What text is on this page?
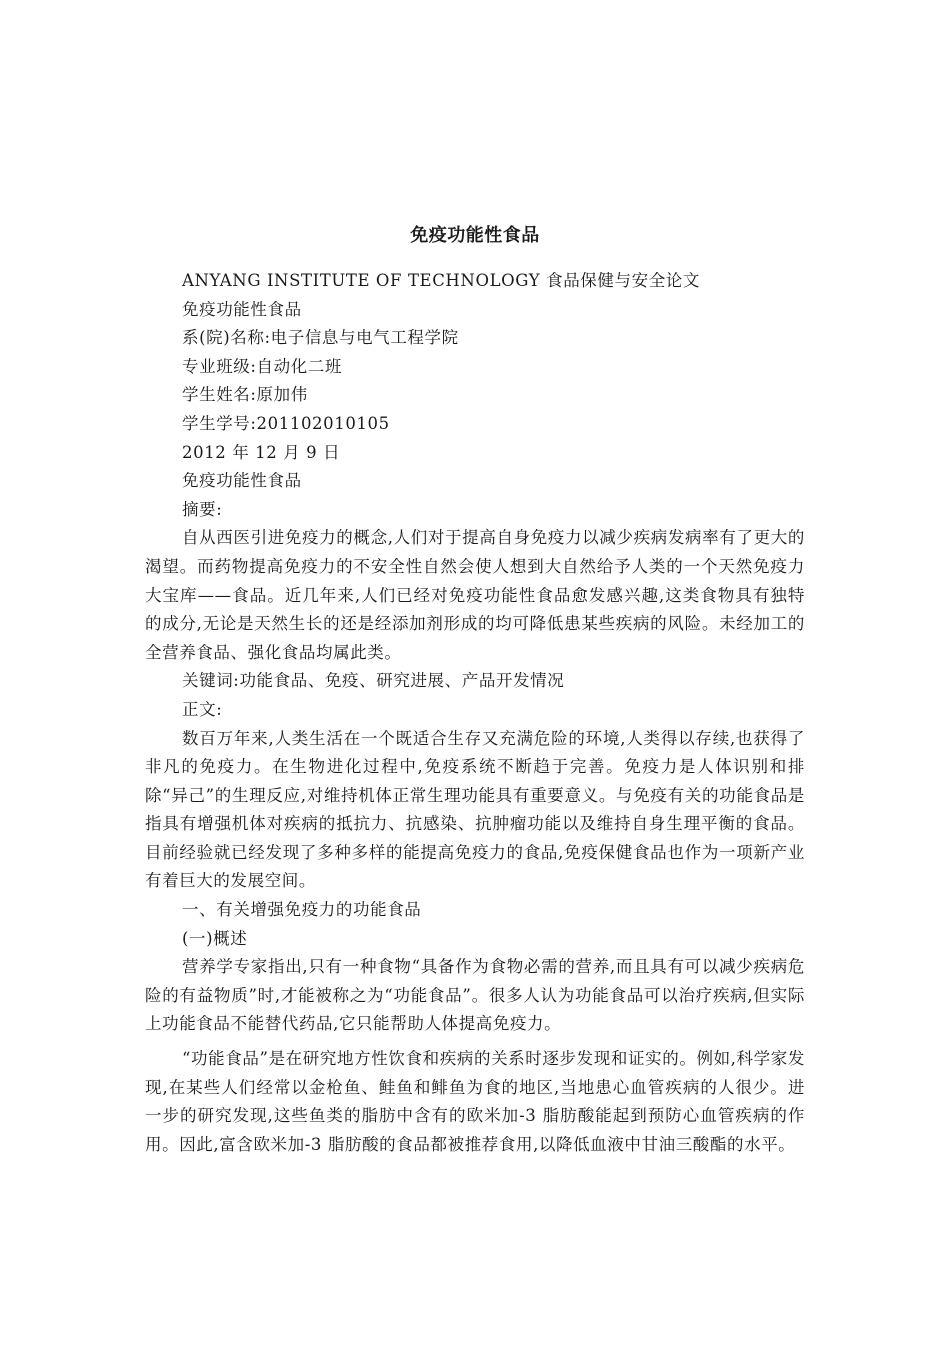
免疫功能性食品

ANYANG INSTITUTE OF TECHNOLOGY 食品保健与安全论文

免疫功能性食品

系(院)名称:电子信息与电气工程学院

专业班级:自动化二班

学生姓名:原加伟

学生学号:201102010105

2012 年 12 月 9 日

免疫功能性食品

摘要:

自从西医引进免疫力的概念,人们对于提高自身免疫力以减少疾病发病率有了更大的渴望。而药物提高免疫力的不安全性自然会使人想到大自然给予人类的一个天然免疫力大宝库——食品。近几年来,人们已经对免疫功能性食品愈发感兴趣,这类食物具有独特的成分,无论是天然生长的还是经添加剂形成的均可降低患某些疾病的风险。未经加工的全营养食品、强化食品均属此类。

关键词:功能食品、免疫、研究进展、产品开发情况

正文:

数百万年来,人类生活在一个既适合生存又充满危险的环境,人类得以存续,也获得了非凡的免疫力。在生物进化过程中,免疫系统不断趋于完善。免疫力是人体识别和排除“异己”的生理反应,对维持机体正常生理功能具有重要意义。与免疫有关的功能食品是指具有增强机体对疾病的抵抗力、抗感染、抗肿瘤功能以及维持自身生理平衡的食品。目前经验就已经发现了多种多样的能提高免疫力的食品,免疫保健食品也作为一项新产业有着巨大的发展空间。

一、有关增强免疫力的功能食品

(一)概述

营养学专家指出,只有一种食物“具备作为食物必需的营养,而且具有可以减少疾病危险的有益物质”时,才能被称之为“功能食品”。很多人认为功能食品可以治疗疾病,但实际上功能食品不能替代药品,它只能帮助人体提高免疫力。

“功能食品”是在研究地方性饮食和疾病的关系时逐步发现和证实的。例如,科学家发现,在某些人们经常以金枪鱼、鲑鱼和鲱鱼为食的地区,当地患心血管疾病的人很少。进一步的研究发现,这些鱼类的脂肪中含有的欧米加-3 脂肪酸能起到预防心血管疾病的作用。因此,富含欧米加-3 脂肪酸的食品都被推荐食用,以降低血液中甘油三酸酯的水平。
